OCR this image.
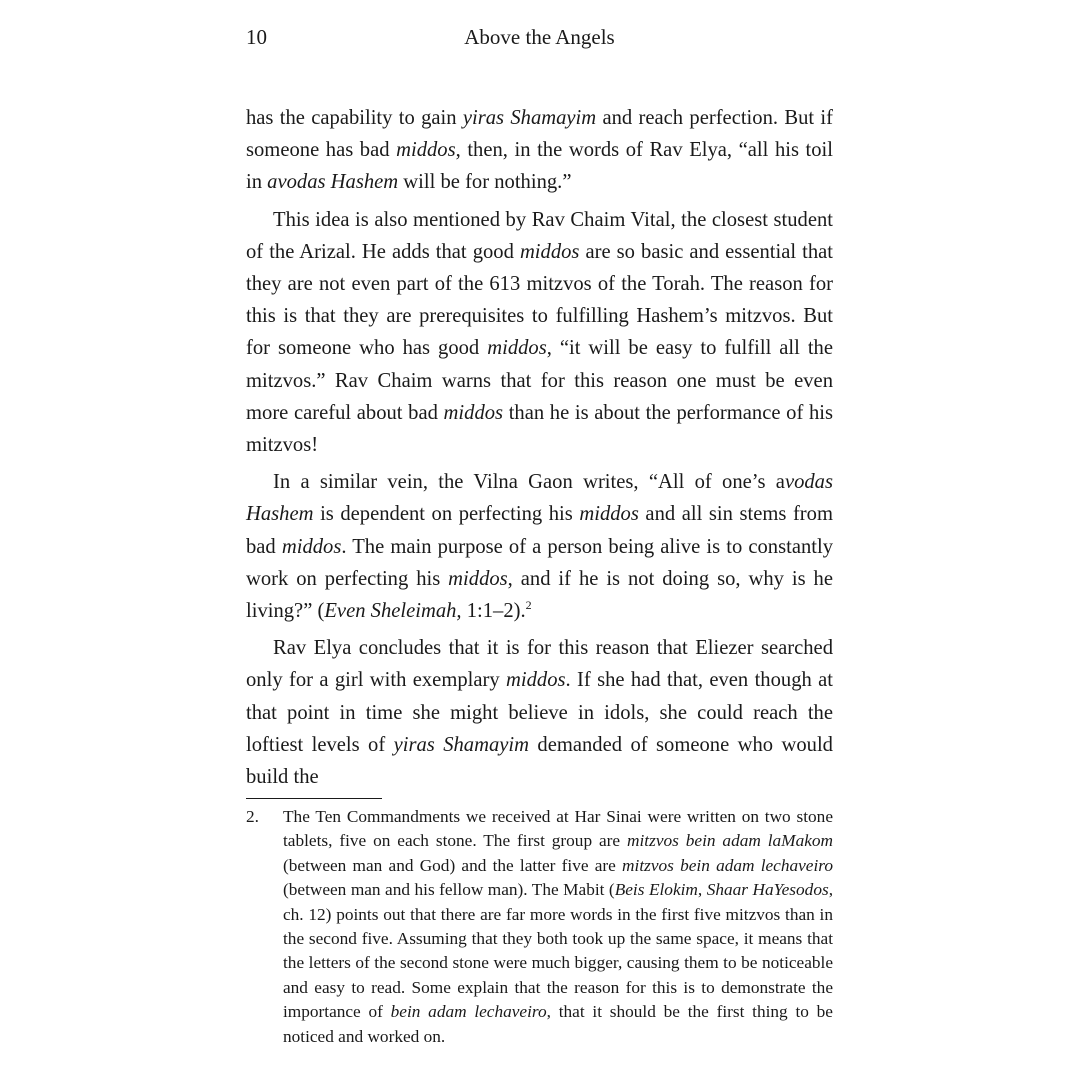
10	Above the Angels

has the capability to gain yiras Shamayim and reach perfection. But if someone has bad middos, then, in the words of Rav Elya, “all his toil in avodas Hashem will be for nothing.”

This idea is also mentioned by Rav Chaim Vital, the closest student of the Arizal. He adds that good middos are so basic and essential that they are not even part of the 613 mitzvos of the Torah. The reason for this is that they are prerequisites to fulfilling Hashem’s mitzvos. But for someone who has good middos, “it will be easy to fulfill all the mitzvos.” Rav Chaim warns that for this reason one must be even more careful about bad middos than he is about the performance of his mitzvos!

In a similar vein, the Vilna Gaon writes, “All of one’s avodas Hashem is dependent on perfecting his middos and all sin stems from bad middos. The main purpose of a person being alive is to constantly work on perfecting his middos, and if he is not doing so, why is he living?” (Even Sheleimah, 1:1–2).$^2$

Rav Elya concludes that it is for this reason that Eliezer searched only for a girl with exemplary middos. If she had that, even though at that point in time she might believe in idols, she could reach the loftiest levels of yiras Shamayim demanded of someone who would build the

2. The Ten Commandments we received at Har Sinai were written on two stone tablets, five on each stone. The first group are mitzvos bein adam laMakom (between man and God) and the latter five are mitzvos bein adam lechaveiro (between man and his fellow man). The Mabit (Beis Elokim, Shaar HaYesodos, ch. 12) points out that there are far more words in the first five mitzvos than in the second five. Assuming that they both took up the same space, it means that the letters of the second stone were much bigger, causing them to be noticeable and easy to read. Some explain that the reason for this is to demonstrate the importance of bein adam lechaveiro, that it should be the first thing to be noticed and worked on.
